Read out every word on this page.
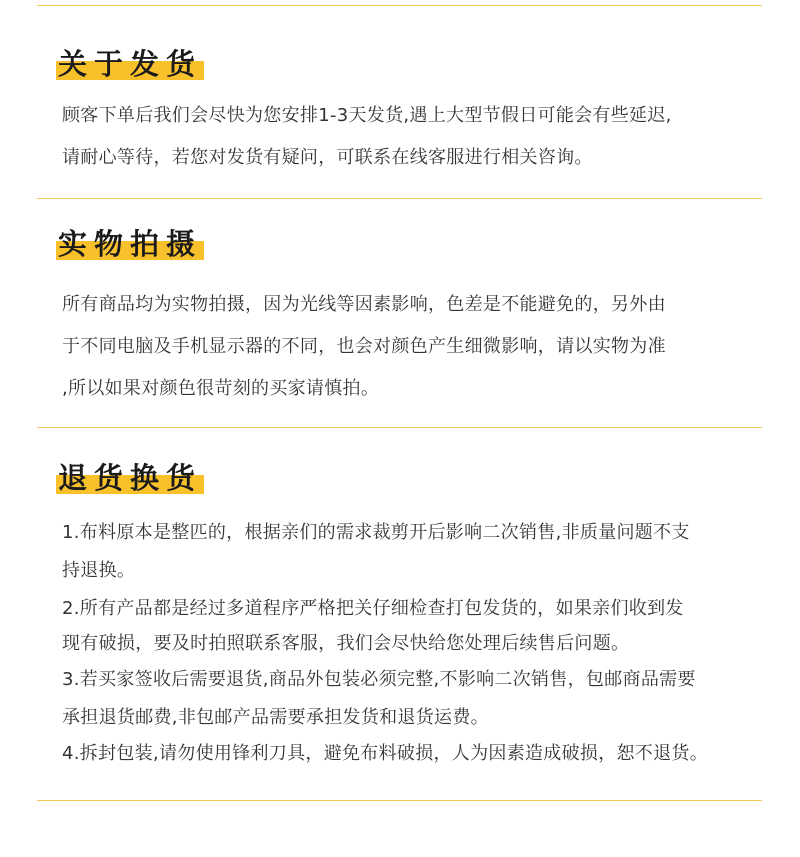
关于发货
顾客下单后我们会尽快为您安排1-3天发货,遇上大型节假日可能会有些延迟,
请耐心等待，若您对发货有疑问，可联系在线客服进行相关咨询。
实物拍摄
所有商品均为实物拍摄，因为光线等因素影响，色差是不能避免的，另外由
于不同电脑及手机显示器的不同，也会对颜色产生细微影响，请以实物为准
,所以如果对颜色很苛刻的买家请慎拍。
退货换货
1.布料原本是整匹的，根据亲们的需求裁剪开后影响二次销售,非质量问题不支
持退换。
2.所有产品都是经过多道程序严格把关仔细检查打包发货的，如果亲们收到发
现有破损，要及时拍照联系客服，我们会尽快给您处理后续售后问题。
3.若买家签收后需要退货,商品外包装必须完整,不影响二次销售，包邮商品需要
承担退货邮费,非包邮产品需要承担发货和退货运费。
4.拆封包装,请勿使用锋利刀具，避免布料破损，人为因素造成破损，恕不退货。
